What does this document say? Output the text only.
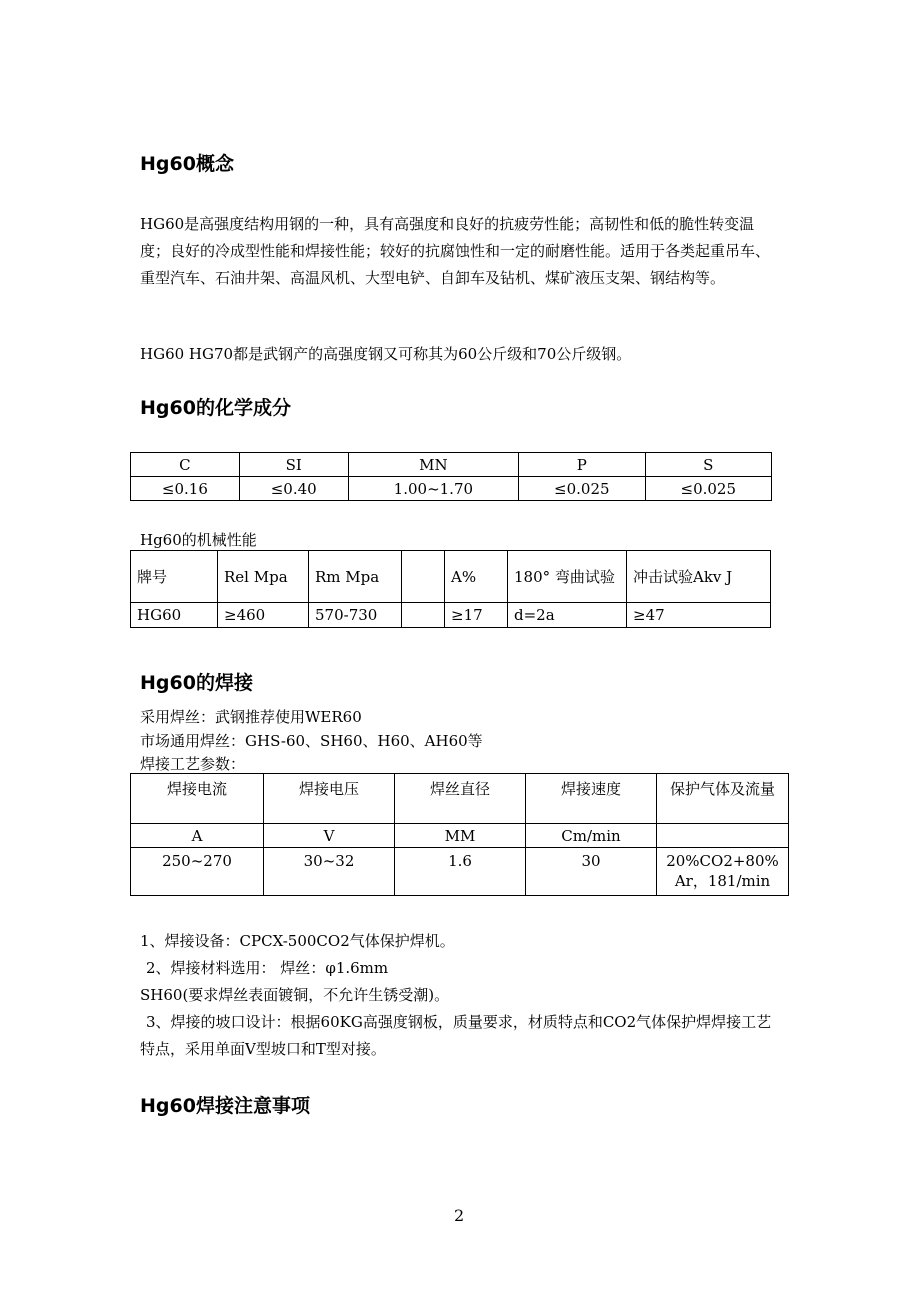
Hg60概念
HG60是高强度结构用钢的一种，具有高强度和良好的抗疲劳性能；高韧性和低的脆性转变温度；良好的冷成型性能和焊接性能；较好的抗腐蚀性和一定的耐磨性能。适用于各类起重吊车、重型汽车、石油井架、高温风机、大型电铲、自卸车及钻机、煤矿液压支架、钢结构等。
HG60 HG70都是武钢产的高强度钢又可称其为60公斤级和70公斤级钢。
Hg60的化学成分
C	SI	MN	P	S
≤0.16	≤0.40	1.00~1.70	≤0.025	≤0.025
Hg60的机械性能
牌号	Rel Mpa	Rm Mpa		A%	180° 弯曲试验	冲击试验Akv J
HG60	≥460	570-730		≥17	d=2a	≥47
Hg60的焊接
采用焊丝：武钢推荐使用WER60
市场通用焊丝：GHS-60、SH60、H60、AH60等
焊接工艺参数：
焊接电流	焊接电压	焊丝直径	焊接速度	保护气体及流量
A	V	MM	Cm/min	
250~270	30~32	1.6	30	20%CO2+80%Ar，181/min
1、焊接设备：CPCX-500CO2气体保护焊机。
2、焊接材料选用： 焊丝：φ1.6mm
SH60(要求焊丝表面镀铜，不允许生锈受潮)。
3、焊接的坡口设计：根据60KG高强度钢板，质量要求，材质特点和CO2气体保护焊焊接工艺特点，采用单面V型坡口和T型对接。
Hg60焊接注意事项
2
